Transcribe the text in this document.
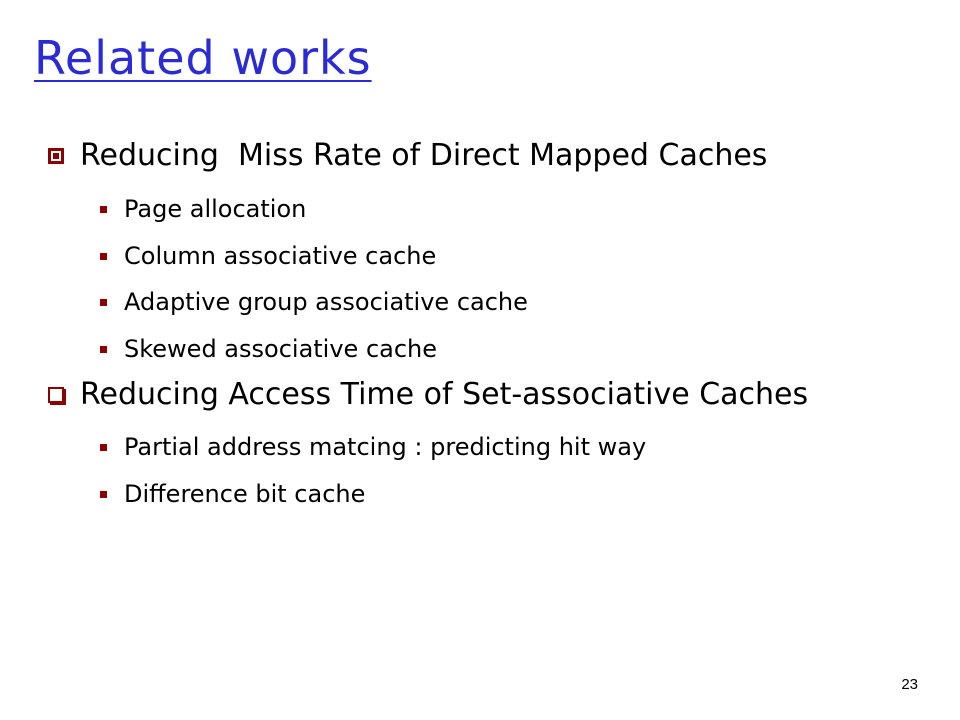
Related works
Reducing  Miss Rate of Direct Mapped Caches
Page allocation
Column associative cache
Adaptive group associative cache
Skewed associative cache
Reducing Access Time of Set-associative Caches
Partial address matcing : predicting hit way
Difference bit cache
23
